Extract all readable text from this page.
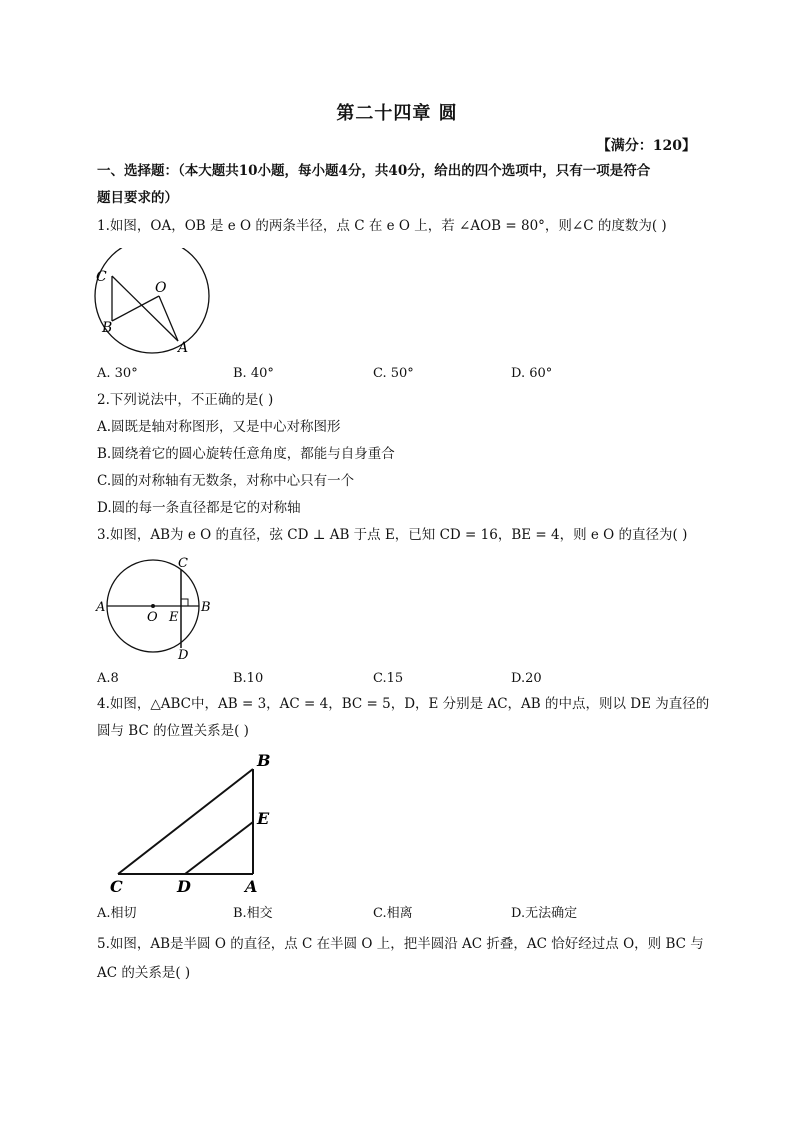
第二十四章 圆
【满分：120】
一、选择题：（本大题共10小题，每小题4分，共40分，给出的四个选项中，只有一项是符合
题目要求的）
1.如图，OA，OB 是 e O 的两条半径，点 C 在 e O 上，若 ∠AOB = 80°，则∠C 的度数为( )
C
O
B
A
A. 30°	B. 40°	C. 50°	D. 60°
2.下列说法中，不正确的是( )
A.圆既是轴对称图形，又是中心对称图形
B.圆绕着它的圆心旋转任意角度，都能与自身重合
C.圆的对称轴有无数条，对称中心只有一个
D.圆的每一条直径都是它的对称轴
3.如图，AB为 e O 的直径，弦 CD ⊥ AB 于点 E，已知 CD = 16，BE = 4，则 e O 的直径为( )
C
A	B
O E
D
A.8	B.10	C.15	D.20
4.如图，△ABC中，AB = 3，AC = 4，BC = 5，D，E 分别是 AC，AB 的中点，则以 DE 为直径的
圆与 BC 的位置关系是( )
B
E
C	D	A
A.相切	B.相交	C.相离	D.无法确定
5.如图，AB是半圆 O 的直径，点 C 在半圆 O 上，把半圆沿 AC 折叠，AC 恰好经过点 O，则 BC 与
AC 的关系是( )
